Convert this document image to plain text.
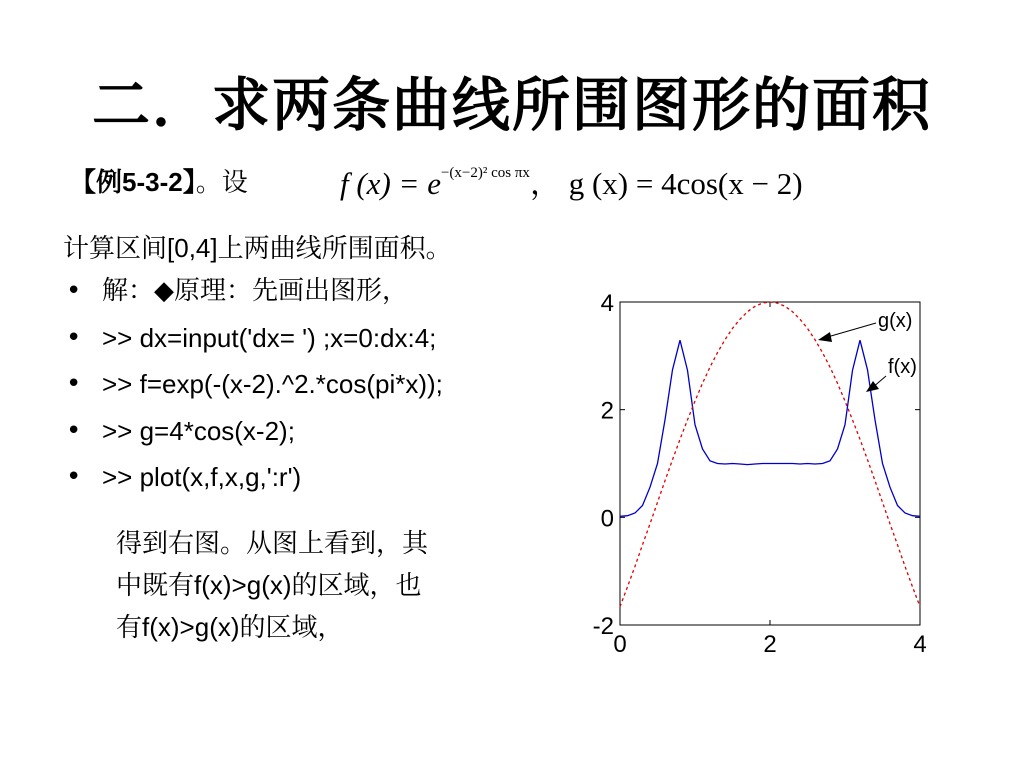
二．求两条曲线所围图形的面积
【例5-3-2】。设	f $(x) = e^{-(x-2)^2 cos \pi x}$， g (x) = 4cos(x − 2)
计算区间[0,4]上两曲线所围面积。
• 解：◆原理：先画出图形，
• >> dx=input('dx= ') ;x=0:dx:4;
• >> f=exp(-(x-2).^2.*cos(pi*x));
• >> g=4*cos(x-2);
• >> plot(x,f,x,g,':r')
得到右图。从图上看到，其
中既有f(x)>g(x)的区域，也
有f(x)>g(x)的区域，	-2
0
2
4
0	2	4
g(x)
f(x)
